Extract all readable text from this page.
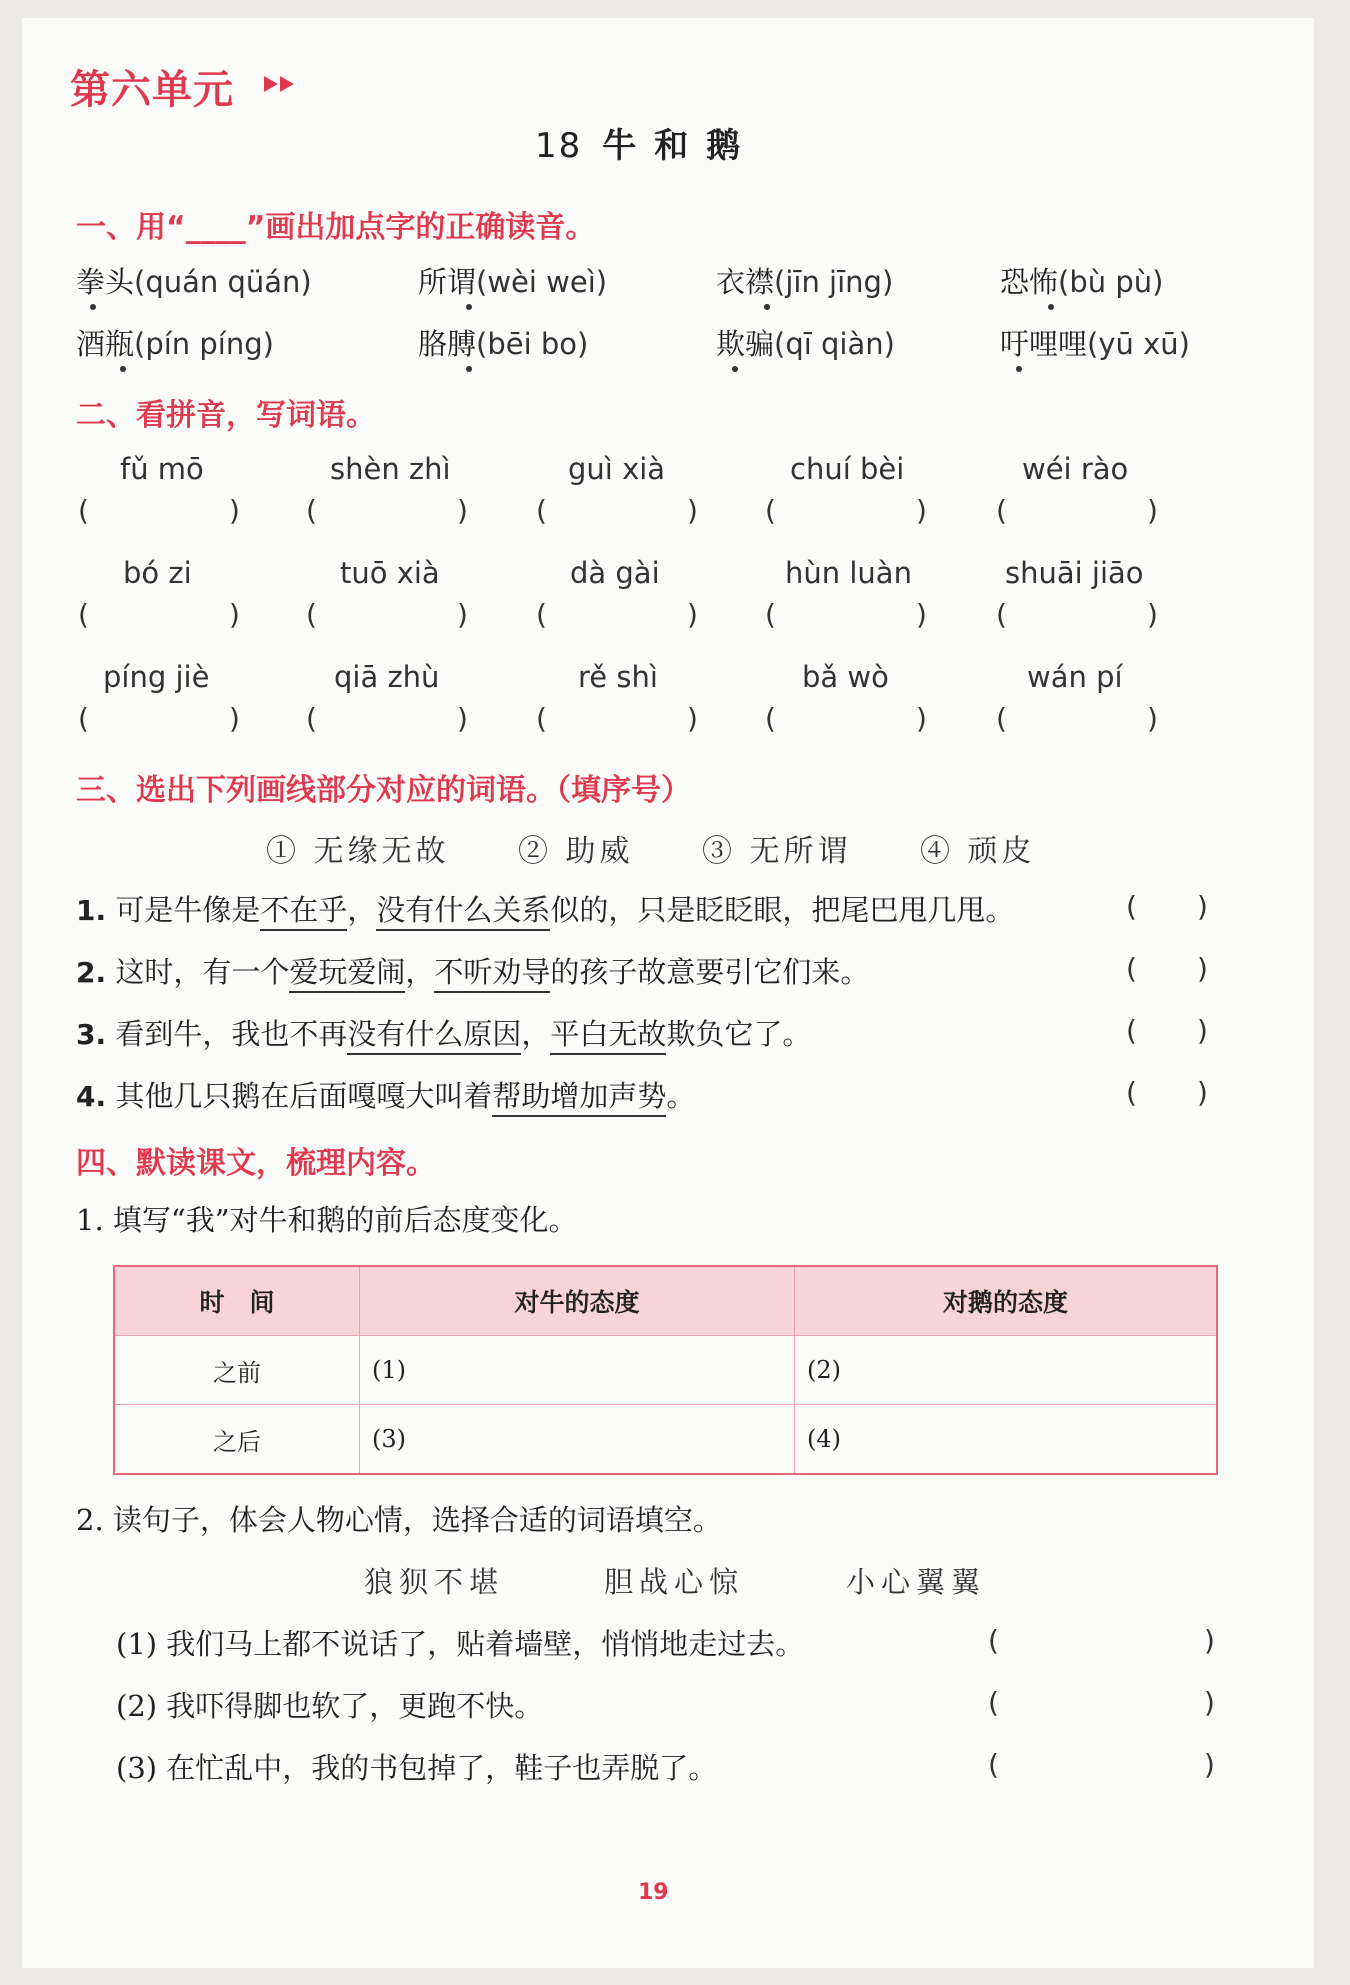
第六单元
18 牛和鹅
一、用“____”画出加点字的正确读音。
拳头(quán qüán)	所谓(wèi weì)	衣襟(jīn jīng)	恐怖(bù pù)
酒瓶(pín píng)	胳膊(bēi bo)	欺骗(qī qiàn)	吁哩哩(yū xū)
二、看拼音，写词语。
fǔ mō	shèn zhì	guì xià	chuí bèi	wéi rào
(	) (	) (	) (	) (	)
bó zi	tuō xià	dà gài	hùn luàn	shuāi jiāo
(	) (	) (	) (	) (	)
píng jiè	qiā zhù	rě shì	bǎ wò	wán pí
(	) (	) (	) (	) (	)
三、选出下列画线部分对应的词语。（填序号）
① 无缘无故 ② 助威 ③ 无所谓 ④ 顽皮
1. 可是牛像是不在乎，没有什么关系似的，只是眨眨眼，把尾巴甩几甩。	( )
2. 这时，有一个爱玩爱闹，不听劝导的孩子故意要引它们来。	( )
3. 看到牛，我也不再没有什么原因，平白无故欺负它了。	( )
4. 其他几只鹅在后面嘎嘎大叫着帮助增加声势。	( )
四、默读课文，梳理内容。
1. 填写“我”对牛和鹅的前后态度变化。
时　间	对牛的态度	对鹅的态度
之前	(1)	(2)
之后	(3)	(4)
2. 读句子，体会人物心情，选择合适的词语填空。
狼狈不堪	胆战心惊	小心翼翼
(1) 我们马上都不说话了，贴着墙壁，悄悄地走过去。	(	)
(2) 我吓得脚也软了，更跑不快。	(	)
(3) 在忙乱中，我的书包掉了，鞋子也弄脱了。	(	)
19
